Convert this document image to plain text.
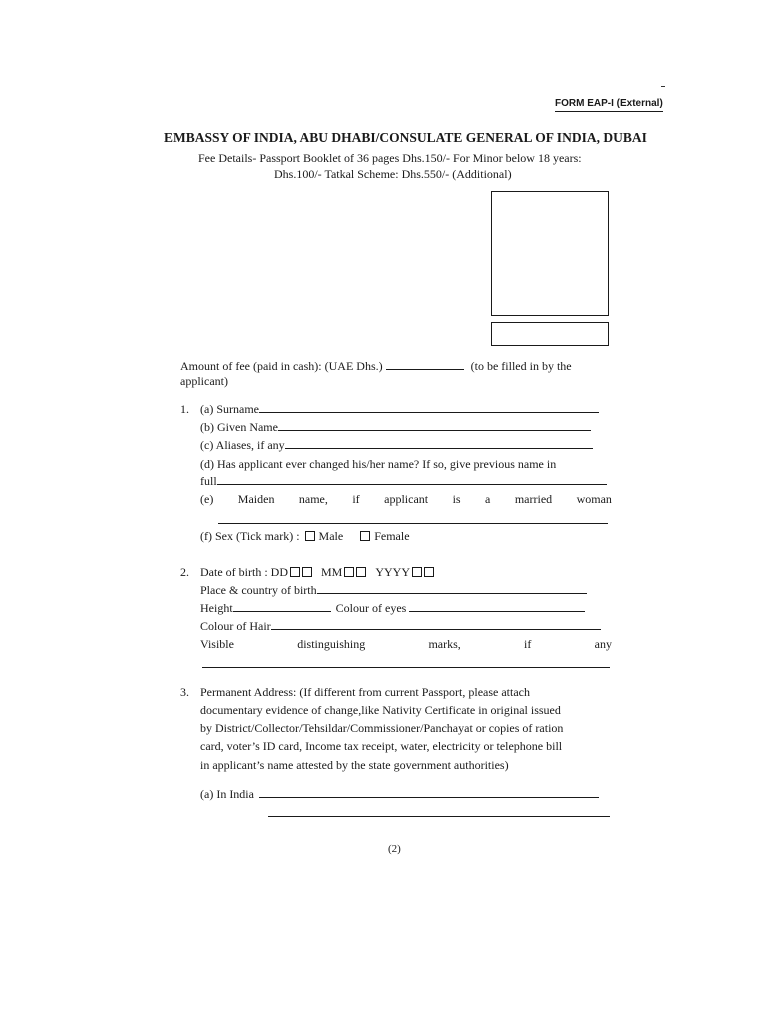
FORM EAP-I (External)
EMBASSY OF INDIA, ABU DHABI/CONSULATE GENERAL OF INDIA, DUBAI
Fee Details- Passport Booklet of 36 pages Dhs.150/- For Minor below 18 years:
Dhs.100/- Tatkal Scheme: Dhs.550/- (Additional)
Amount of fee (paid in cash): (UAE Dhs.)	(to be filled in by the
applicant)
1. (a) Surname
(b) Given Name
(c) Aliases, if any
(d) Has applicant ever changed his/her name? If so, give previous name in
full
(e) Maiden name, if applicant is a married woman
(f) Sex (Tick mark) : Male	Female
2. Date of birth : DD	MM	YYYY
Place & country of birth
Height	Colour of eyes
Colour of Hair
Visible	distinguishing	marks,	if	any
3. Permanent Address: (If different from current Passport, please attach
documentary evidence of change,like Nativity Certificate in original issued
by District/Collector/Tehsildar/Commissioner/Panchayat or copies of ration
card, voter’s ID card, Income tax receipt, water, electricity or telephone bill
in applicant’s name attested by the state government authorities)
(a) In India
(2)
